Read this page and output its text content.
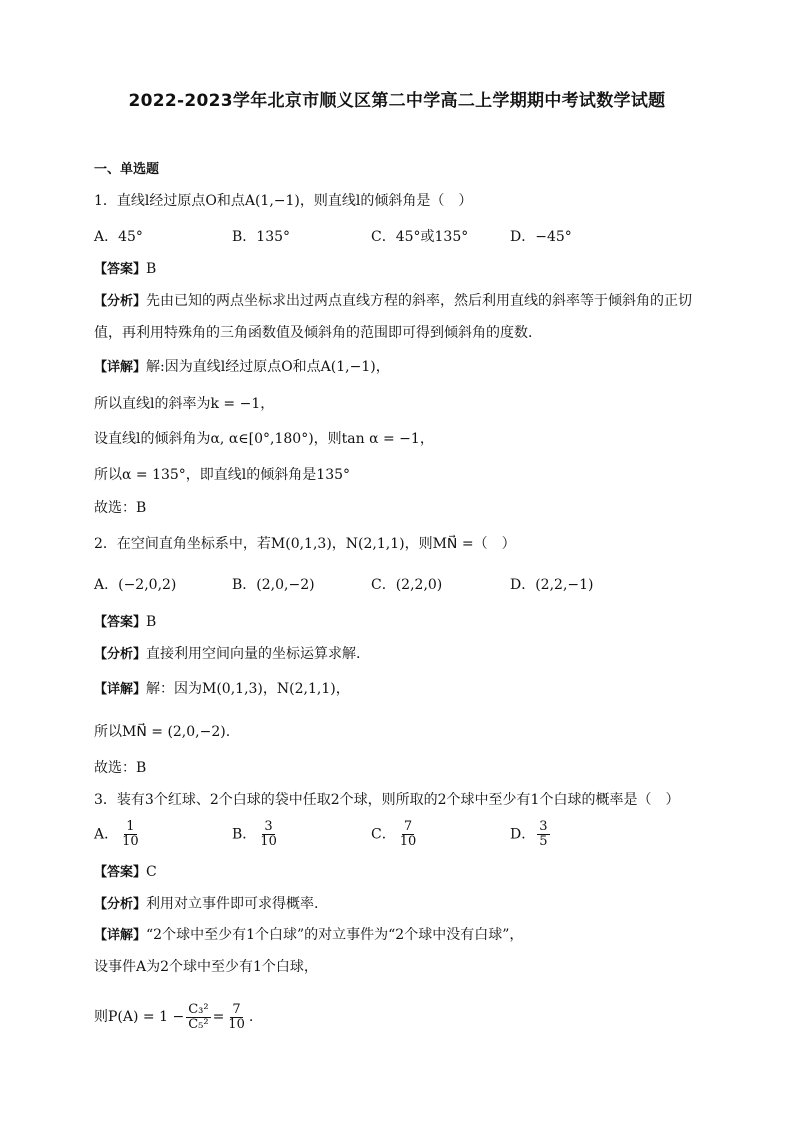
2022-2023学年北京市顺义区第二中学高二上学期期中考试数学试题
一、单选题
1．直线l经过原点O和点A(1,−1)，则直线l的倾斜角是（　）
A．45°	B．135°	C．45°或135°	D．−45°
【答案】B
【分析】先由已知的两点坐标求出过两点直线方程的斜率，然后利用直线的斜率等于倾斜角的正切
值，再利用特殊角的三角函数值及倾斜角的范围即可得到倾斜角的度数．
【详解】解:因为直线l经过原点O和点A(1,−1)，
所以直线l的斜率为k = −1，
设直线l的倾斜角为α, α∈[0°,180°)，则tan α = −1，
所以α = 135°，即直线l的倾斜角是135°
故选：B
2．在空间直角坐标系中，若M(0,1,3)，N(2,1,1)，则MN⃗ =（　）
A．(−2,0,2)	B．(2,0,−2)	C．(2,2,0)	D．(2,2,−1)
【答案】B
【分析】直接利用空间向量的坐标运算求解.
【详解】解：因为M(0,1,3)，N(2,1,1)，
所以MN⃗ = (2,0,−2).
故选：B
3．装有3个红球、2个白球的袋中任取2个球，则所取的2个球中至少有1个白球的概率是（　）
A． $\frac{1}{10}$	B． $\frac{3}{10}$	C． $\frac{7}{10}$	D． $\frac{3}{5}$
【答案】C
【分析】利用对立事件即可求得概率.
【详解】“2个球中至少有1个白球”的对立事件为“2个球中没有白球”，
设事件A为2个球中至少有1个白球，
则$P(A) = 1 - \frac{\text{C₃²}}{\text{C₅²}} = \frac{7}{10}$ .
